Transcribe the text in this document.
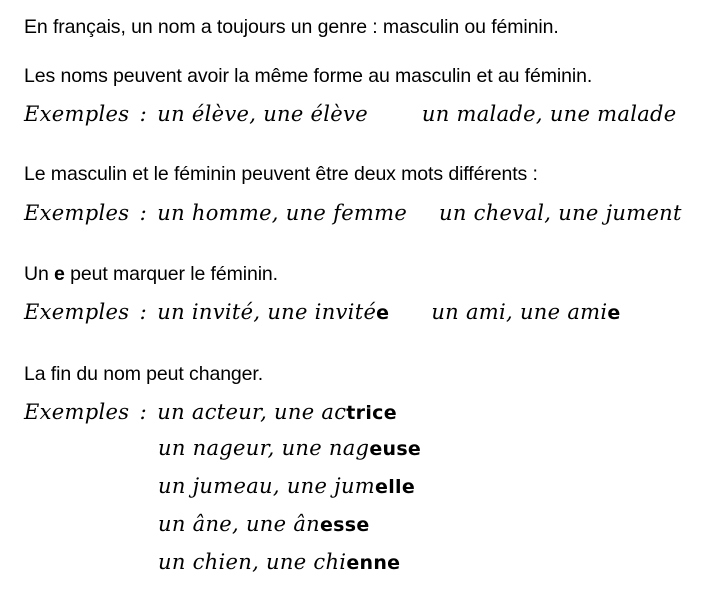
En français, un nom a toujours un genre : masculin ou féminin.
Les noms peuvent avoir la même forme au masculin et au féminin.
Exemples : un élève, une élève	un malade, une malade
Le masculin et le féminin peuvent être deux mots différents :
Exemples : un homme, une femme un cheval, une jument
Un e peut marquer le féminin.
Exemples : un invité, une invitée un ami, une amie
La fin du nom peut changer.
Exemples : un acteur, une actrice
un nageur, une nageuse
un jumeau, une jumelle
un âne, une ânesse
un chien, une chienne
